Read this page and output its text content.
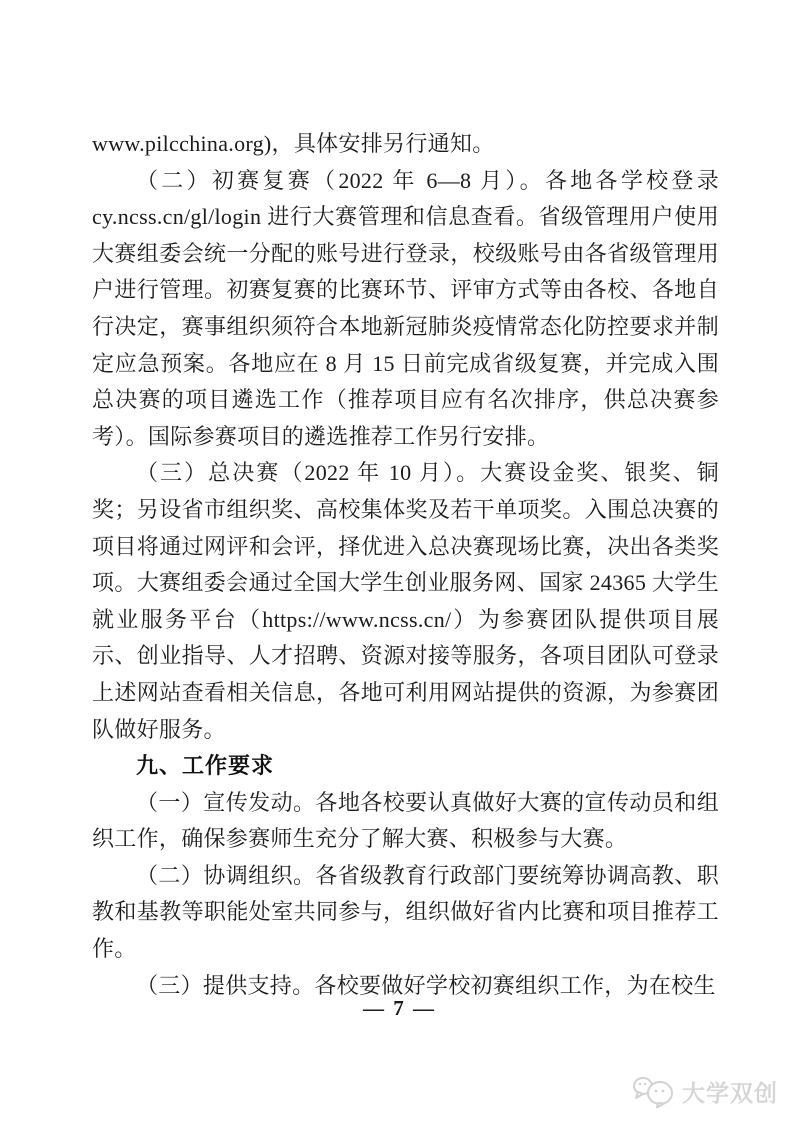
www.pilcchina.org)，具体安排另行通知。

（二）初赛复赛（2022 年 6—8 月）。各地各学校登录 cy.ncss.cn/gl/login 进行大赛管理和信息查看。省级管理用户使用大赛组委会统一分配的账号进行登录，校级账号由各省级管理用户进行管理。初赛复赛的比赛环节、评审方式等由各校、各地自行决定，赛事组织须符合本地新冠肺炎疫情常态化防控要求并制定应急预案。各地应在 8 月 15 日前完成省级复赛，并完成入围总决赛的项目遴选工作（推荐项目应有名次排序，供总决赛参考）。国际参赛项目的遴选推荐工作另行安排。

（三）总决赛（2022 年 10 月）。大赛设金奖、银奖、铜奖；另设省市组织奖、高校集体奖及若干单项奖。入围总决赛的项目将通过网评和会评，择优进入总决赛现场比赛，决出各类奖项。大赛组委会通过全国大学生创业服务网、国家 24365 大学生就业服务平台（https://www.ncss.cn/）为参赛团队提供项目展示、创业指导、人才招聘、资源对接等服务，各项目团队可登录上述网站查看相关信息，各地可利用网站提供的资源，为参赛团队做好服务。

九、工作要求

（一）宣传发动。各地各校要认真做好大赛的宣传动员和组织工作，确保参赛师生充分了解大赛、积极参与大赛。

（二）协调组织。各省级教育行政部门要统筹协调高教、职教和基教等职能处室共同参与，组织做好省内比赛和项目推荐工作。

（三）提供支持。各校要做好学校初赛组织工作，为在校生

— 7 —
大学双创
